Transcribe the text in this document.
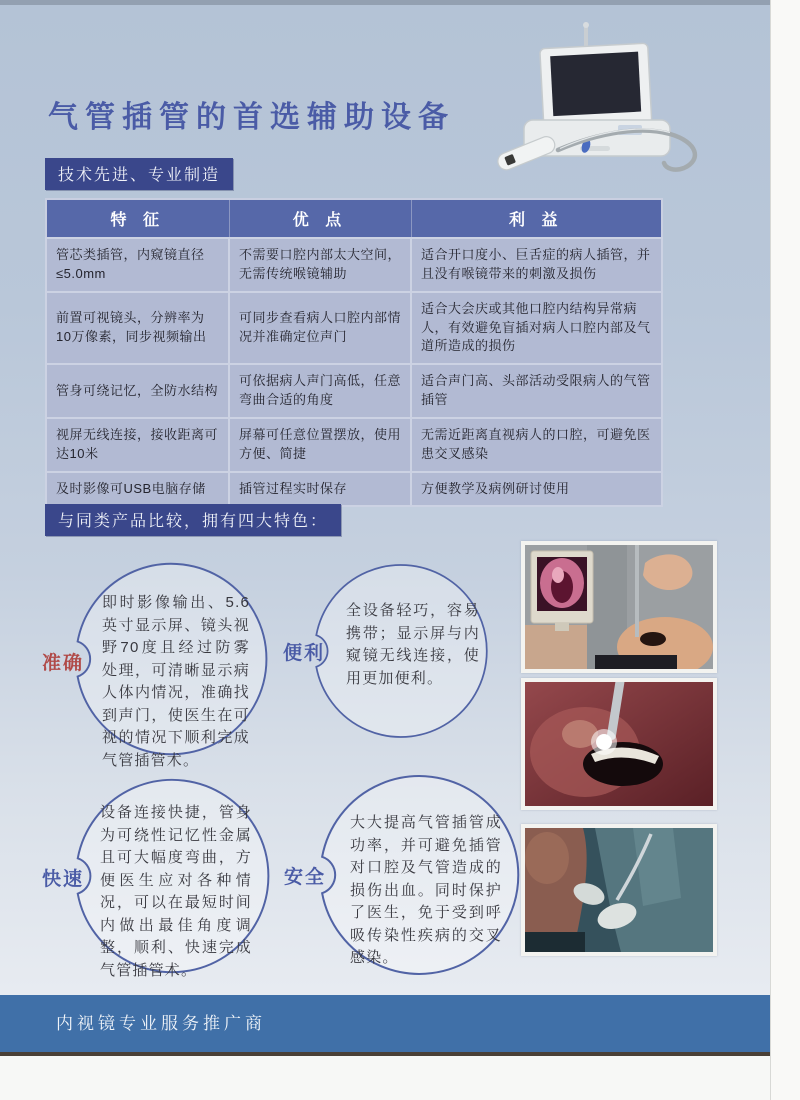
气管插管的首选辅助设备
技术先进、专业制造
特 征	优 点	利 益
管芯类插管，内窥镜直径≤5.0mm	不需要口腔内部太大空间，无需传统喉镜辅助	适合开口度小、巨舌症的病人插管，并且没有喉镜带来的刺激及损伤
前置可视镜头，分辨率为10万像素，同步视频输出	可同步查看病人口腔内部情况并准确定位声门	适合大会庆或其他口腔内结构异常病人，有效避免盲插对病人口腔内部及气道所造成的损伤
管身可绕记忆，全防水结构	可依据病人声门高低，任意弯曲合适的角度	适合声门高、头部活动受限病人的气管插管
视屏无线连接，接收距离可达10米	屏幕可任意位置摆放，使用方便、简捷	无需近距离直视病人的口腔，可避免医患交叉感染
及时影像可USB电脑存储	插管过程实时保存	方便教学及病例研讨使用
与同类产品比较，拥有四大特色：
准确
即时影像输出、5.6英寸显示屏、镜头视野70度且经过防雾处理，可清晰显示病人体内情况，准确找到声门，使医生在可视的情况下顺利完成气管插管术。
便利
全设备轻巧，容易携带；显示屏与内窥镜无线连接，使用更加便利。
快速
设备连接快捷，管身为可绕性记忆性金属且可大幅度弯曲，方便医生应对各种情况，可以在最短时间内做出最佳角度调整，顺利、快速完成气管插管术。
安全
大大提高气管插管成功率，并可避免插管对口腔及气管造成的损伤出血。同时保护了医生，免于受到呼吸传染性疾病的交叉感染。
内视镜专业服务推广商
